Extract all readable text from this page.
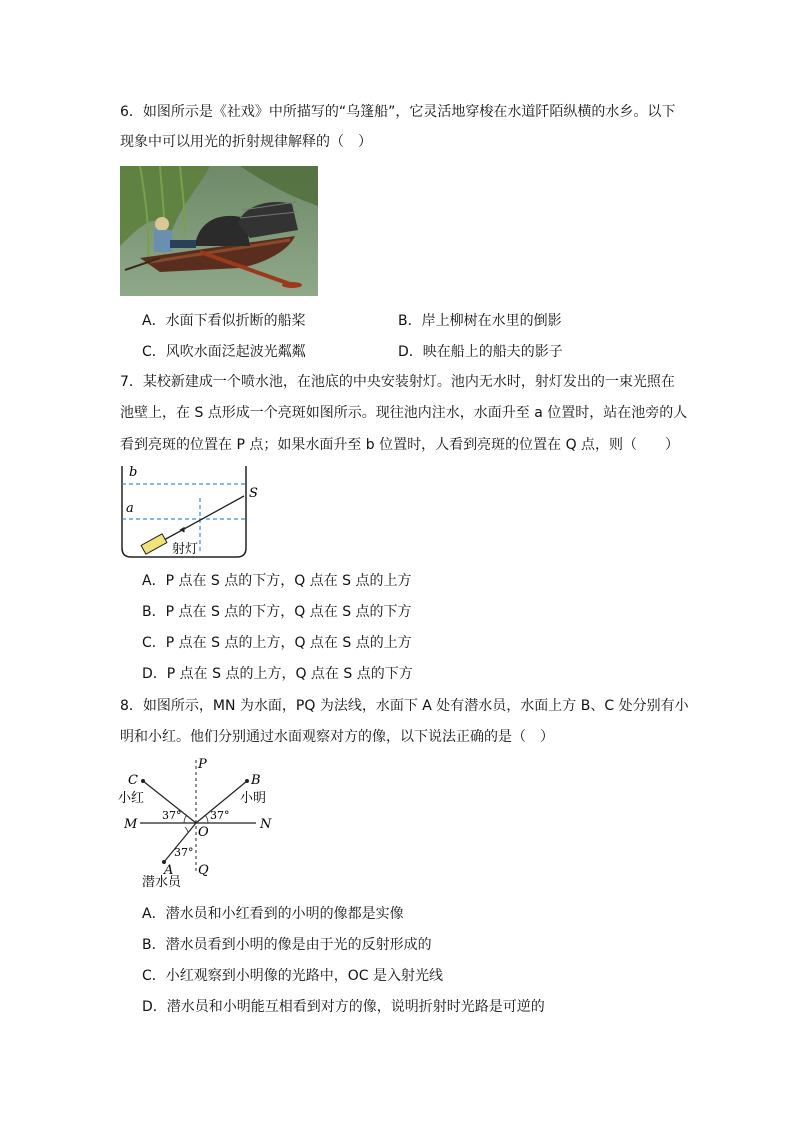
6．如图所示是《社戏》中所描写的“乌篷船”，它灵活地穿梭在水道阡陌纵横的水乡。以下
现象中可以用光的折射规律解释的（　）
A．水面下看似折断的船桨	B．岸上柳树在水里的倒影
C．风吹水面泛起波光粼粼	D．映在船上的船夫的影子
7．某校新建成一个喷水池，在池底的中央安装射灯。池内无水时，射灯发出的一束光照在
池壁上，在 S 点形成一个亮斑如图所示。现往池内注水，水面升至 a 位置时，站在池旁的人
看到亮斑的位置在 P 点；如果水面升至 b 位置时，人看到亮斑的位置在 Q 点，则（　　）
b
a
S
射灯
A．P 点在 S 点的下方，Q 点在 S 点的上方
B．P 点在 S 点的下方，Q 点在 S 点的下方
C．P 点在 S 点的上方，Q 点在 S 点的上方
D．P 点在 S 点的上方，Q 点在 S 点的下方
8．如图所示，MN 为水面，PQ 为法线，水面下 A 处有潜水员，水面上方 B、C 处分别有小
明和小红。他们分别通过水面观察对方的像，以下说法正确的是（　）
P
Q
M	N
O
C	B
A
小红	小明
潜水员
37°	37°
37°
A．潜水员和小红看到的小明的像都是实像
B．潜水员看到小明的像是由于光的反射形成的
C．小红观察到小明像的光路中，OC 是入射光线
D．潜水员和小明能互相看到对方的像，说明折射时光路是可逆的
